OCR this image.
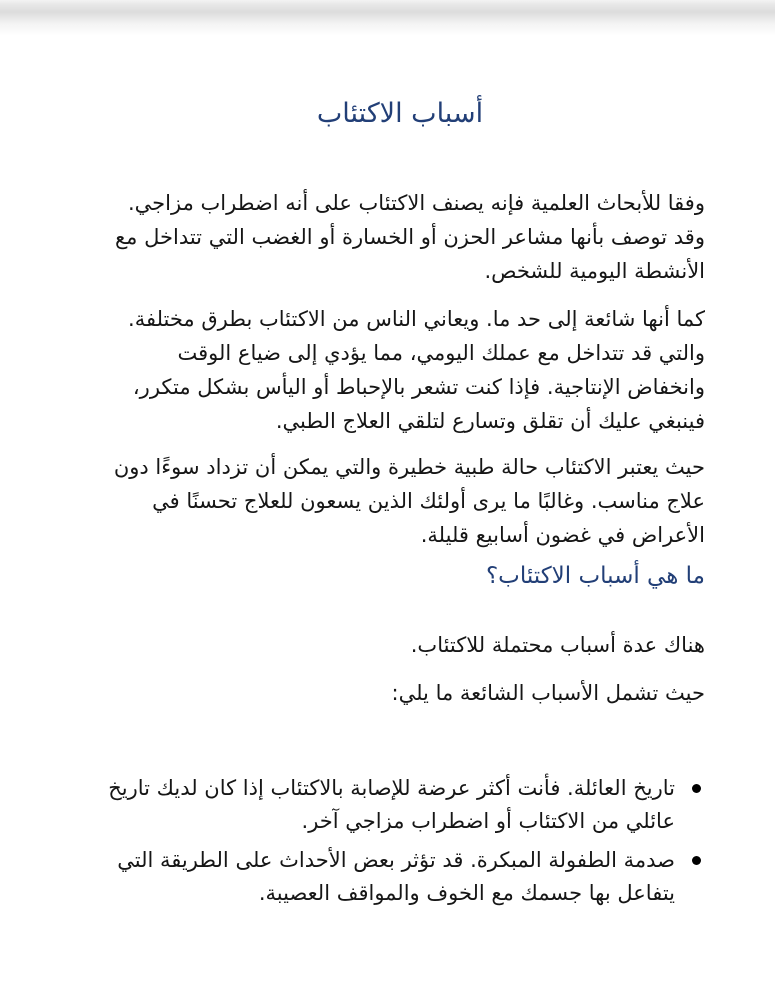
أسباب الاكتئاب

وفقا للأبحاث العلمية فإنه يصنف الاكتئاب على أنه اضطراب مزاجي. وقد توصف بأنها مشاعر الحزن أو الخسارة أو الغضب التي تتداخل مع الأنشطة اليومية للشخص.

كما أنها شائعة إلى حد ما. ويعاني الناس من الاكتئاب بطرق مختلفة. والتي قد تتداخل مع عملك اليومي، مما يؤدي إلى ضياع الوقت وانخفاض الإنتاجية. فإذا كنت تشعر بالإحباط أو اليأس بشكل متكرر، فينبغي عليك أن تقلق وتسارع لتلقي العلاج الطبي.

حيث يعتبر الاكتئاب حالة طبية خطيرة والتي يمكن أن تزداد سوءًا دون علاج مناسب. وغالبًا ما يرى أولئك الذين يسعون للعلاج تحسنًا في الأعراض في غضون أسابيع قليلة.

ما هي أسباب الاكتئاب؟

هناك عدة أسباب محتملة للاكتئاب.

حيث تشمل الأسباب الشائعة ما يلي:

تاريخ العائلة. فأنت أكثر عرضة للإصابة بالاكتئاب إذا كان لديك تاريخ عائلي من الاكتئاب أو اضطراب مزاجي آخر.
صدمة الطفولة المبكرة. قد تؤثر بعض الأحداث على الطريقة التي يتفاعل بها جسمك مع الخوف والمواقف العصيبة.
